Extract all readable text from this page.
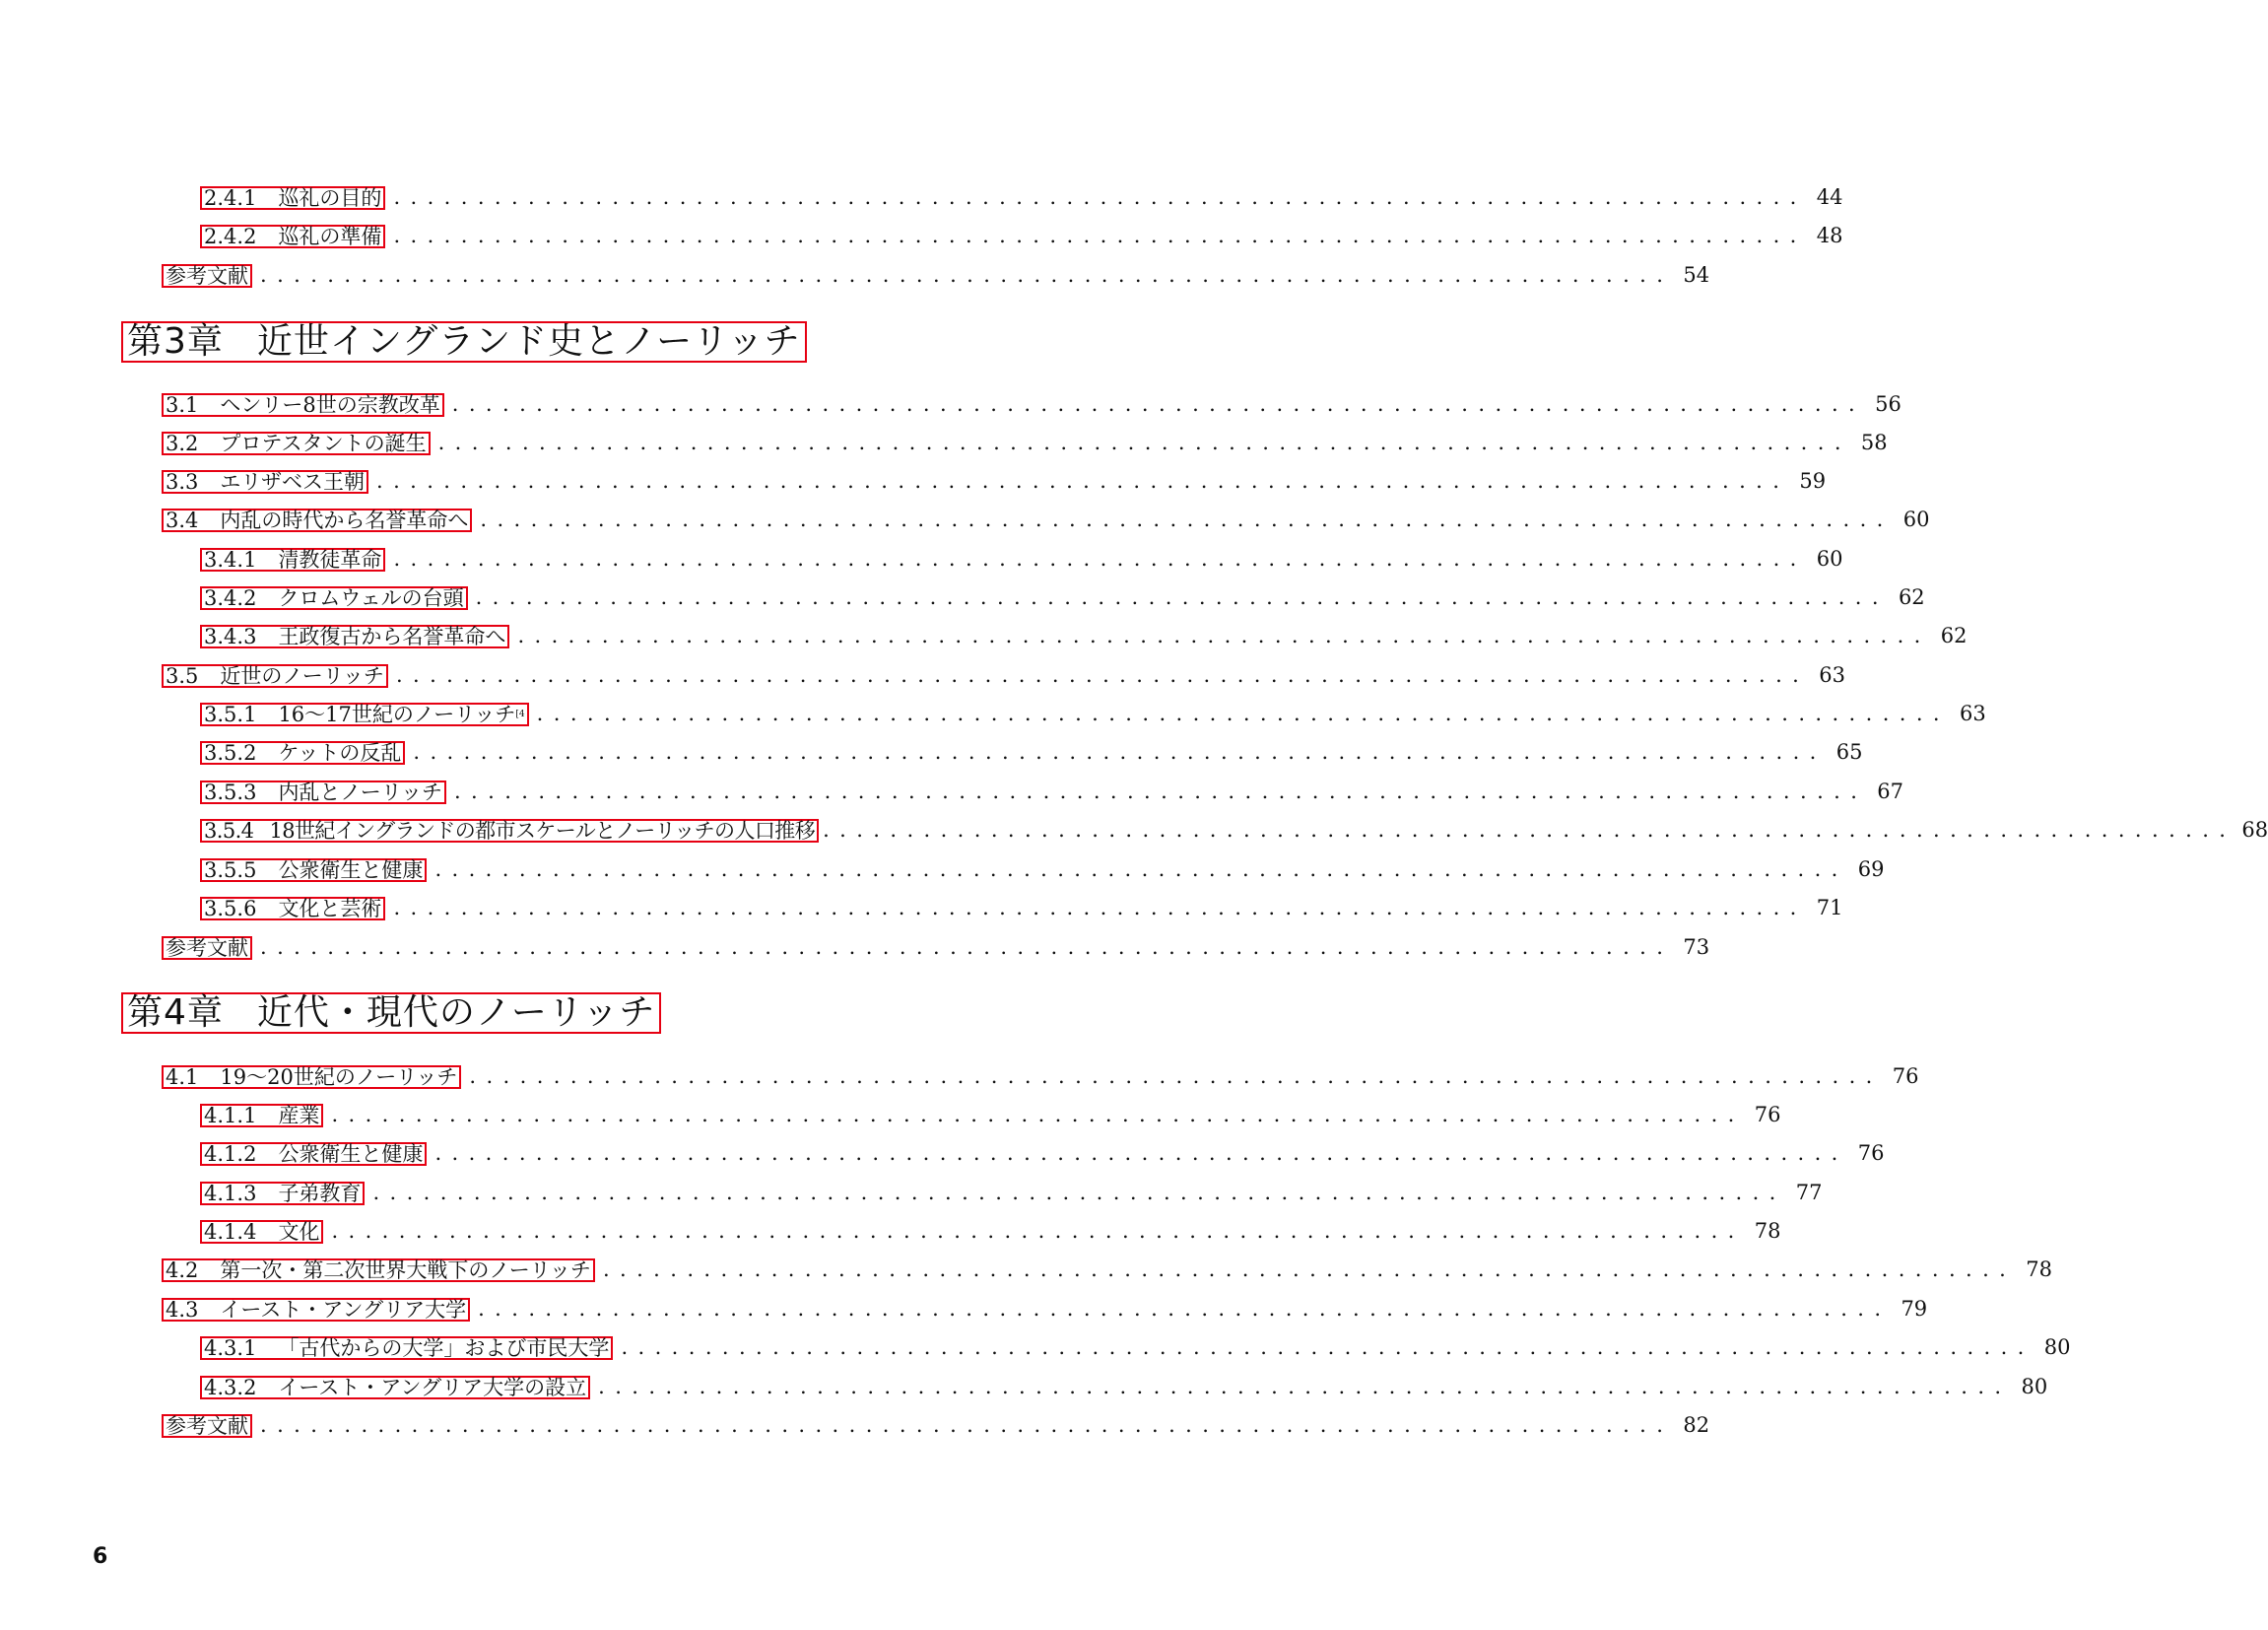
2.4.1 巡礼の目的 .................................................................................... 44
2.4.2 巡礼の準備 .................................................................................... 48
参考文献 .................................................................................... 54
第3章 近世イングランド史とノーリッチ
3.1 ヘンリー8世の宗教改革 .................................................................................... 56
3.2 プロテスタントの誕生 .................................................................................... 58
3.3 エリザベス王朝 .................................................................................... 59
3.4 内乱の時代から名誉革命へ .................................................................................... 60
3.4.1 清教徒革命 .................................................................................... 60
3.4.2 クロムウェルの台頭 .................................................................................... 62
3.4.3 王政復古から名誉革命へ .................................................................................... 62
3.5 近世のノーリッチ .................................................................................... 63
3.5.1 16～17世紀のノーリッチ [4 .................................................................................... 63
3.5.2 ケットの反乱 .................................................................................... 65
3.5.3 内乱とノーリッチ .................................................................................... 67
3.5.4 18世紀イングランドの都市スケールとノーリッチの人口推移 .................................................................................... 68
3.5.5 公衆衛生と健康 .................................................................................... 69
3.5.6 文化と芸術 .................................................................................... 71
参考文献 .................................................................................... 73
第4章 近代・現代のノーリッチ
4.1 19～20世紀のノーリッチ .................................................................................... 76
4.1.1 産業 .................................................................................... 76
4.1.2 公衆衛生と健康 .................................................................................... 76
4.1.3 子弟教育 .................................................................................... 77
4.1.4 文化 .................................................................................... 78
4.2 第一次・第二次世界大戦下のノーリッチ .................................................................................... 78
4.3 イースト・アングリア大学 .................................................................................... 79
4.3.1 「古代からの大学」および市民大学 .................................................................................... 80
4.3.2 イースト・アングリア大学の設立 .................................................................................... 80
参考文献 .................................................................................... 82
6
